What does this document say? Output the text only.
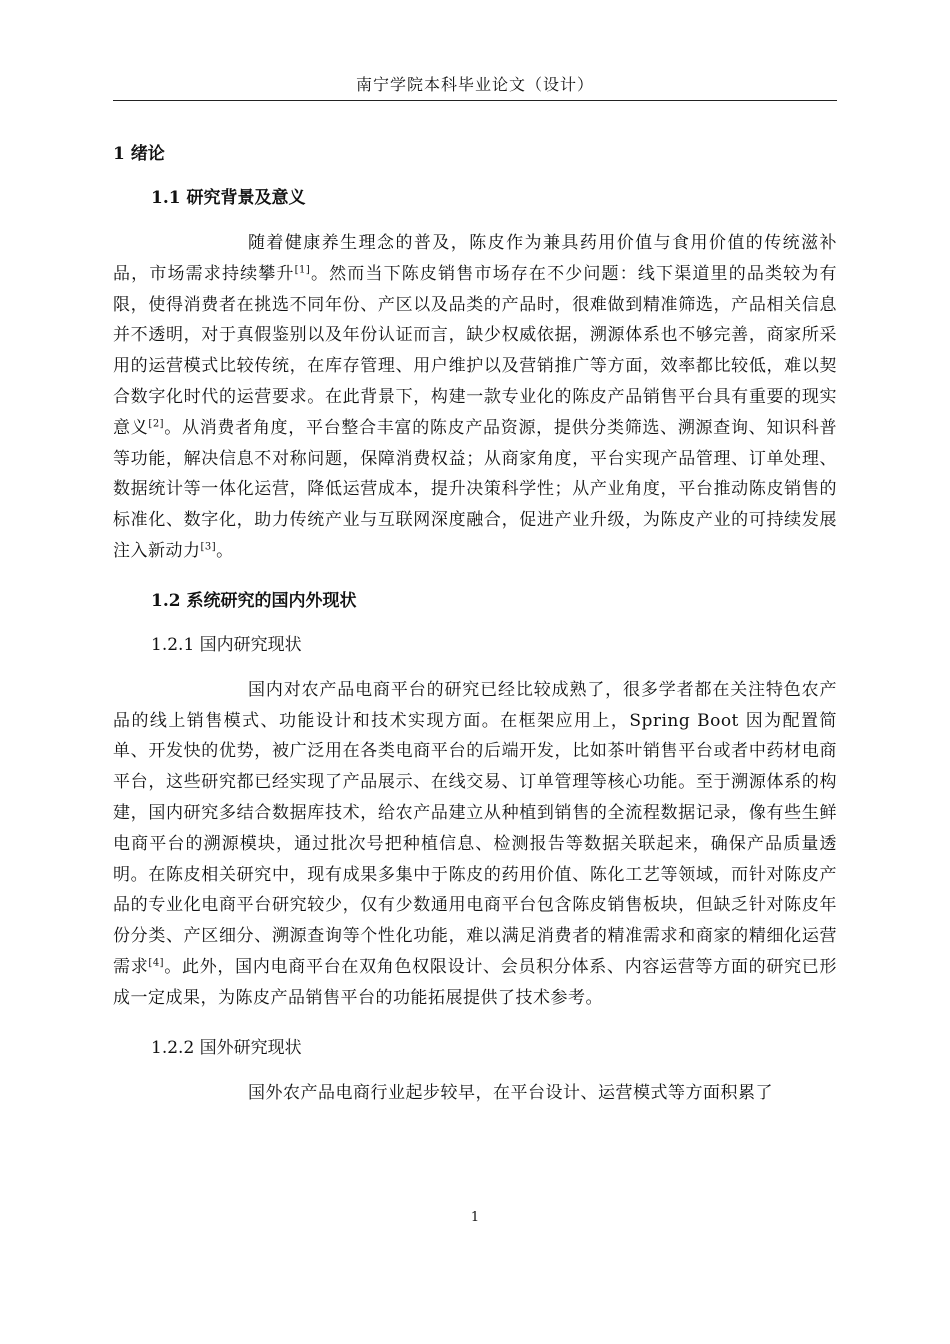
南宁学院本科毕业论文（设计）
1 绪论
1.1 研究背景及意义

随着健康养生理念的普及，陈皮作为兼具药用价值与食用价值的传统滋补品，市场需求持续攀升[1]。然而当下陈皮销售市场存在不少问题：线下渠道里的品类较为有限，使得消费者在挑选不同年份、产区以及品类的产品时，很难做到精准筛选，产品相关信息并不透明，对于真假鉴别以及年份认证而言，缺少权威依据，溯源体系也不够完善，商家所采用的运营模式比较传统，在库存管理、用户维护以及营销推广等方面，效率都比较低，难以契合数字化时代的运营要求。在此背景下，构建一款专业化的陈皮产品销售平台具有重要的现实意义[2]。从消费者角度，平台整合丰富的陈皮产品资源，提供分类筛选、溯源查询、知识科普等功能，解决信息不对称问题，保障消费权益；从商家角度，平台实现产品管理、订单处理、数据统计等一体化运营，降低运营成本，提升决策科学性；从产业角度，平台推动陈皮销售的标准化、数字化，助力传统产业与互联网深度融合，促进产业升级，为陈皮产业的可持续发展注入新动力[3]。

1.2 系统研究的国内外现状
1.2.1 国内研究现状

国内对农产品电商平台的研究已经比较成熟了，很多学者都在关注特色农产品的线上销售模式、功能设计和技术实现方面。在框架应用上，Spring Boot 因为配置简单、开发快的优势，被广泛用在各类电商平台的后端开发，比如茶叶销售平台或者中药材电商平台，这些研究都已经实现了产品展示、在线交易、订单管理等核心功能。至于溯源体系的构建，国内研究多结合数据库技术，给农产品建立从种植到销售的全流程数据记录，像有些生鲜电商平台的溯源模块，通过批次号把种植信息、检测报告等数据关联起来，确保产品质量透明。在陈皮相关研究中，现有成果多集中于陈皮的药用价值、陈化工艺等领域，而针对陈皮产品的专业化电商平台研究较少，仅有少数通用电商平台包含陈皮销售板块，但缺乏针对陈皮年份分类、产区细分、溯源查询等个性化功能，难以满足消费者的精准需求和商家的精细化运营需求[4]。此外，国内电商平台在双角色权限设计、会员积分体系、内容运营等方面的研究已形成一定成果，为陈皮产品销售平台的功能拓展提供了技术参考。

1.2.2 国外研究现状

国外农产品电商行业起步较早，在平台设计、运营模式等方面积累了

1
